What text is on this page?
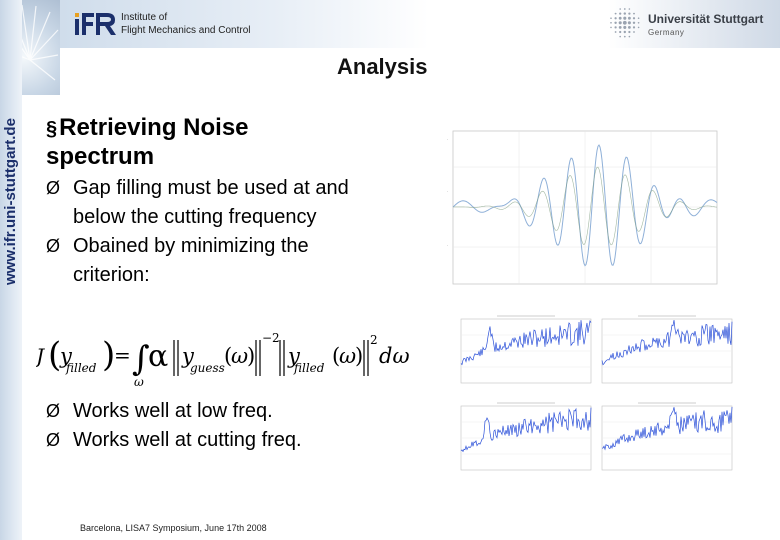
Institute of
Flight Mechanics and Control
Universität Stuttgart
Germany
Analysis
§Retrieving Noise spectrum
Ø Gap filling must be used at and below the cutting frequency
Ø Obained by minimizing the criterion:
J (
y
filled )
= ∫
ω
α y
guess (
ω
)
−2
y
filled (
ω
)
2
dω
Ø Works well at low freq.
Ø Works well at cutting freq.
·
·
·
Barcelona, LISA7 Symposium, June 17th 2008
